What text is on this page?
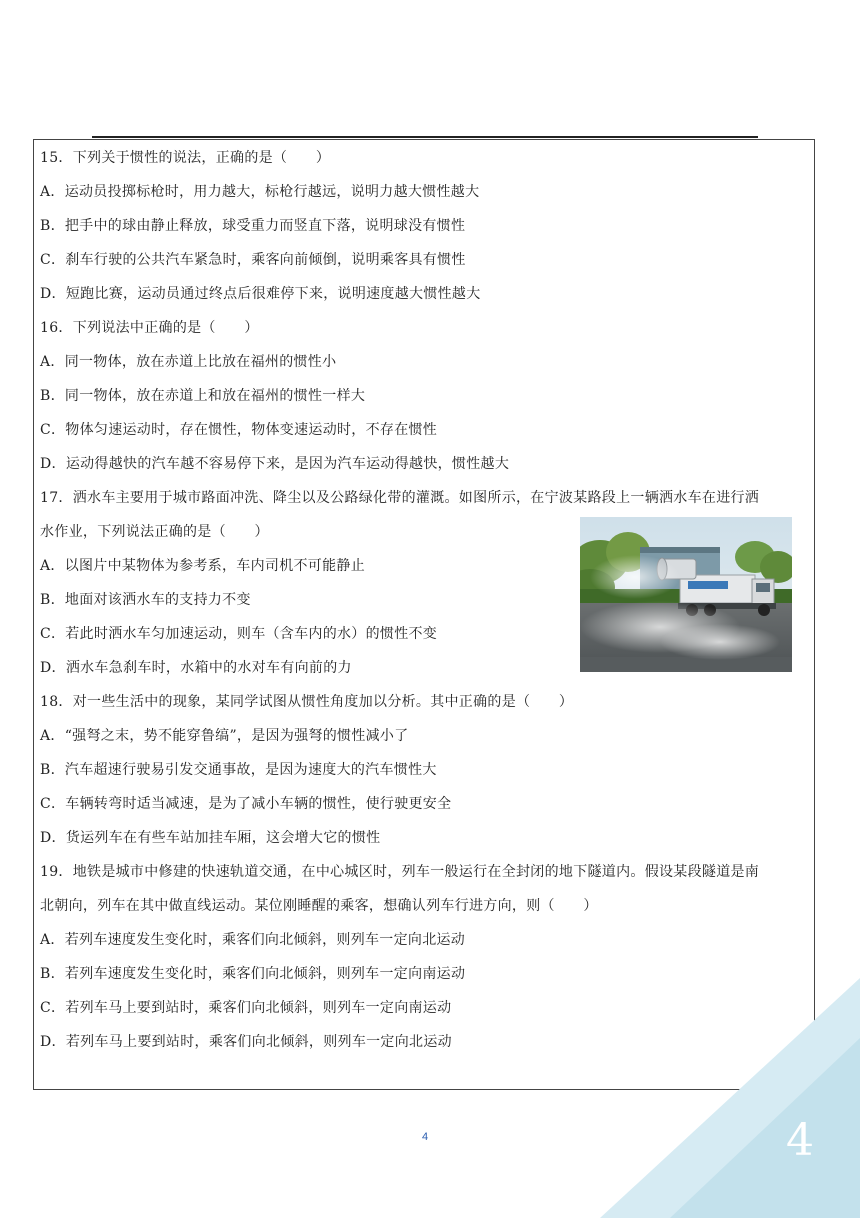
15．下列关于惯性的说法，正确的是（　　）
A．运动员投掷标枪时，用力越大，标枪行越远，说明力越大惯性越大
B．把手中的球由静止释放，球受重力而竖直下落，说明球没有惯性
C．刹车行驶的公共汽车紧急时，乘客向前倾倒，说明乘客具有惯性
D．短跑比赛，运动员通过终点后很难停下来，说明速度越大惯性越大
16．下列说法中正确的是（　　）
A．同一物体，放在赤道上比放在福州的惯性小
B．同一物体，放在赤道上和放在福州的惯性一样大
C．物体匀速运动时，存在惯性，物体变速运动时，不存在惯性
D．运动得越快的汽车越不容易停下来，是因为汽车运动得越快，惯性越大
17．洒水车主要用于城市路面冲洗、降尘以及公路绿化带的灌溉。如图所示，在宁波某路段上一辆洒水车在进行洒
水作业，下列说法正确的是（　　）
A．以图片中某物体为参考系，车内司机不可能静止
B．地面对该洒水车的支持力不变
C．若此时洒水车匀加速运动，则车（含车内的水）的惯性不变
D．洒水车急刹车时，水箱中的水对车有向前的力
18．对一些生活中的现象，某同学试图从惯性角度加以分析。其中正确的是（　　）
A．“强弩之末，势不能穿鲁缟”，是因为强弩的惯性减小了
B．汽车超速行驶易引发交通事故，是因为速度大的汽车惯性大
C．车辆转弯时适当减速，是为了减小车辆的惯性，使行驶更安全
D．货运列车在有些车站加挂车厢，这会增大它的惯性
19．地铁是城市中修建的快速轨道交通，在中心城区时，列车一般运行在全封闭的地下隧道内。假设某段隧道是南
北朝向，列车在其中做直线运动。某位刚睡醒的乘客，想确认列车行进方向，则（　　）
A．若列车速度发生变化时，乘客们向北倾斜，则列车一定向北运动
B．若列车速度发生变化时，乘客们向北倾斜，则列车一定向南运动
C．若列车马上要到站时，乘客们向北倾斜，则列车一定向南运动
D．若列车马上要到站时，乘客们向北倾斜，则列车一定向北运动
4	4
